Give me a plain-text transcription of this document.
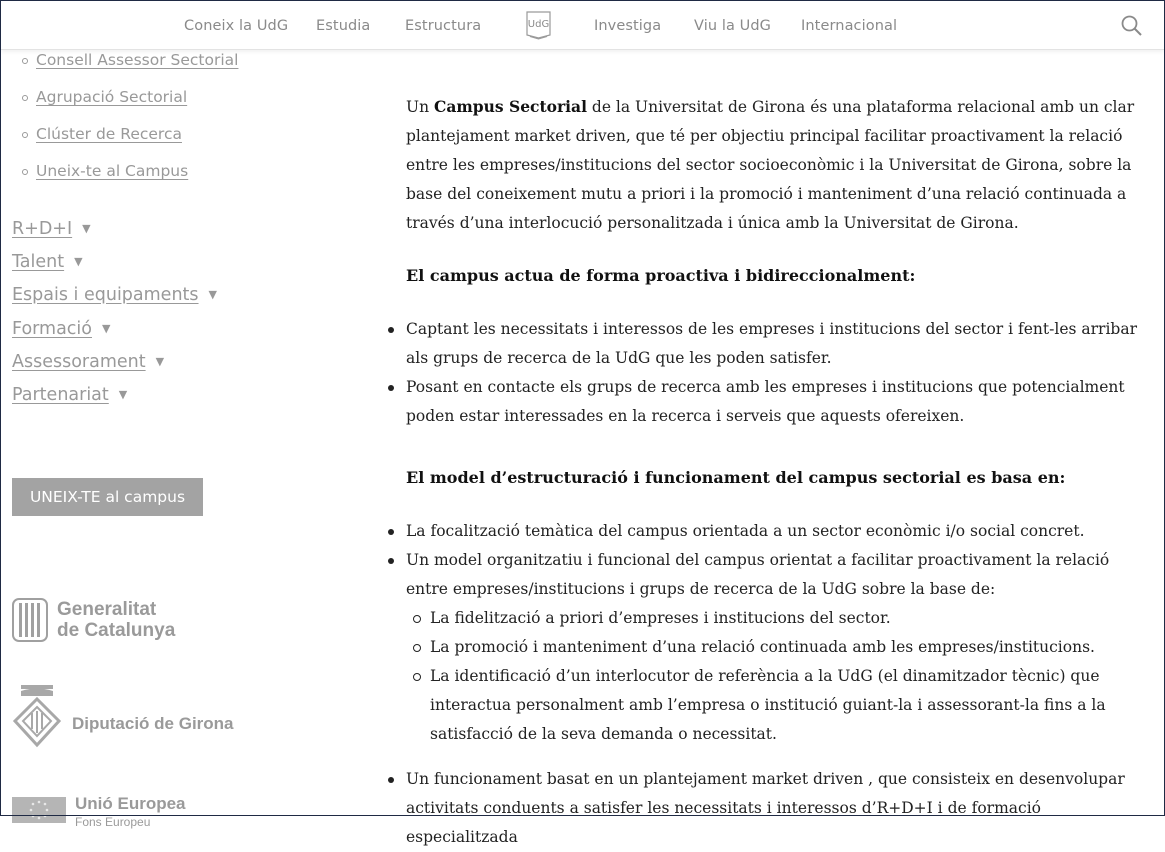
Coneix la UdG Estudia Estructura	UdG	Investiga Viu la UdG Internacional
Consell Assessor Sectorial
Agrupació Sectorial
Clúster de Recerca
Uneix-te al Campus
R+D+I ▼
Talent ▼
Espais i equipaments ▼
Formació ▼
Assessorament ▼
Partenariat ▼
UNEIX-TE al campus
Generalitat
de Catalunya
Diputació de Girona
Unió Europea
Fons Europeu

Un Campus Sectorial de la Universitat de Girona és una plataforma relacional amb un clar plantejament market driven, que té per objectiu principal facilitar proactivament la relació entre les empreses/institucions del sector socioeconòmic i la Universitat de Girona, sobre la base del coneixement mutu a priori i la promoció i manteniment d’una relació continuada a través d’una interlocució personalitzada i única amb la Universitat de Girona.

El campus actua de forma proactiva i bidireccionalment:
Captant les necessitats i interessos de les empreses i institucions del sector i fent-les arribar als grups de recerca de la UdG que les poden satisfer.
Posant en contacte els grups de recerca amb les empreses i institucions que potencialment poden estar interessades en la recerca i serveis que aquests ofereixen.
El model d’estructuració i funcionament del campus sectorial es basa en:
La focalització temàtica del campus orientada a un sector econòmic i/o social concret.
Un model organitzatiu i funcional del campus orientat a facilitar proactivament la relació entre empreses/institucions i grups de recerca de la UdG sobre la base de:
La fidelització a priori d’empreses i institucions del sector.
La promoció i manteniment d’una relació continuada amb les empreses/institucions.
La identificació d’un interlocutor de referència a la UdG (el dinamitzador tècnic) que interactua personalment amb l’empresa o institució guiant-la i assessorant-la fins a la satisfacció de la seva demanda o necessitat.
Un funcionament basat en un plantejament market driven , que consisteix en desenvolupar activitats conduents a satisfer les necessitats i interessos d’R+D+I i de formació especialitzada
